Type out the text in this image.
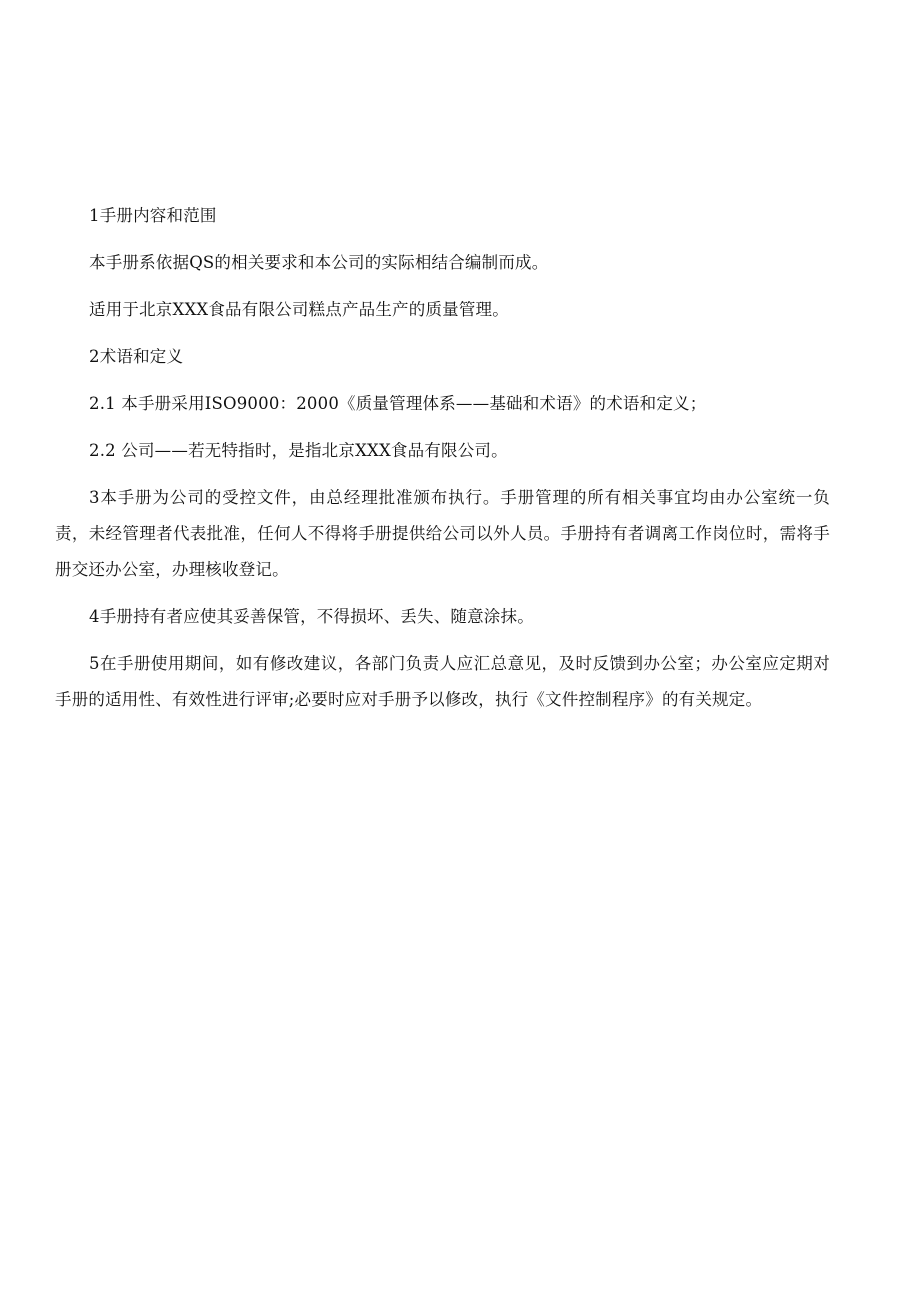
1手册内容和范围

本手册系依据QS的相关要求和本公司的实际相结合编制而成。

适用于北京XXX食品有限公司糕点产品生产的质量管理。

2术语和定义

2.1 本手册采用ISO9000：2000《质量管理体系——基础和术语》的术语和定义；

2.2 公司——若无特指时，是指北京XXX食品有限公司。

3本手册为公司的受控文件，由总经理批准颁布执行。手册管理的所有相关事宜均由办公室统一负责，未经管理者代表批准，任何人不得将手册提供给公司以外人员。手册持有者调离工作岗位时，需将手册交还办公室，办理核收登记。

4手册持有者应使其妥善保管，不得损坏、丢失、随意涂抹。

5在手册使用期间，如有修改建议，各部门负责人应汇总意见，及时反馈到办公室；办公室应定期对手册的适用性、有效性进行评审;必要时应对手册予以修改，执行《文件控制程序》的有关规定。
